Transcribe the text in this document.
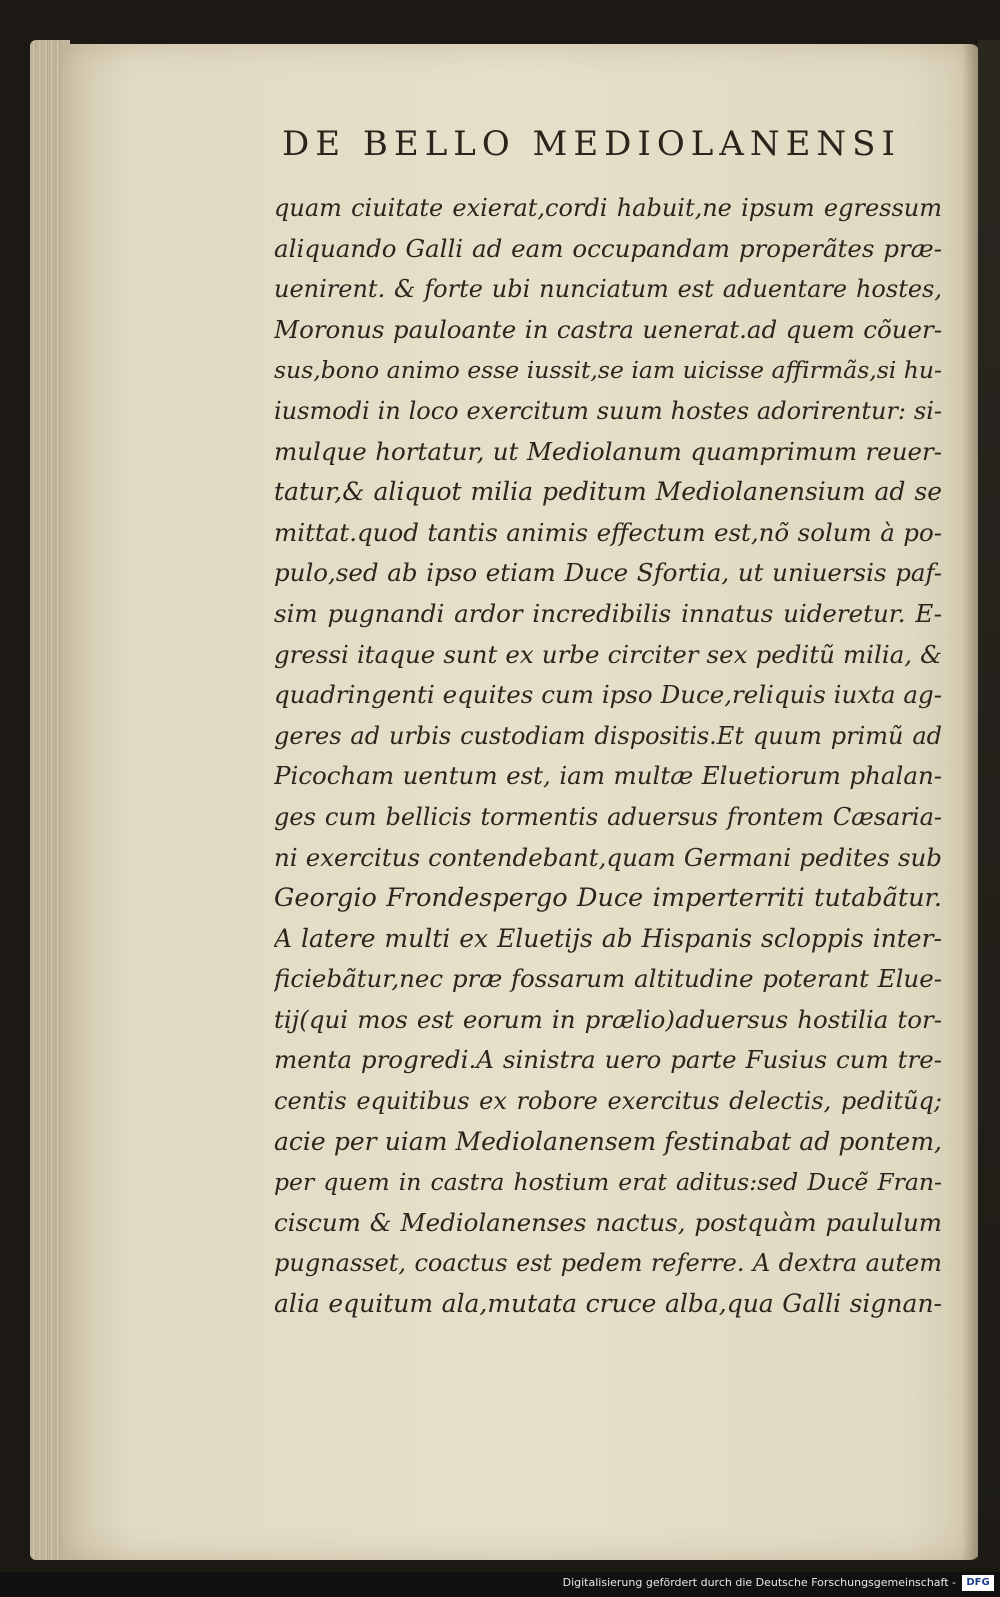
DE BELLO MEDIOLANENSI
quam ciuitate exierat,cordi habuit,ne ipsum egressum
aliquando Galli ad eam occupandam properãtes præ-
uenirent. & forte ubi nunciatum est aduentare hostes,
Moronus pauloante in castra uenerat.ad quem cõuer-
sus,bono animo esse iussit,se iam uicisse affirmãs,si hu-
iusmodi in loco exercitum suum hostes adorirentur: si-
mulque hortatur, ut Mediolanum quamprimum reuer-
tatur,& aliquot milia peditum Mediolanensium ad se
mittat.quod tantis animis effectum est,nõ solum à po-
pulo,sed ab ipso etiam Duce Sfortia, ut uniuersis paf-
sim pugnandi ardor incredibilis innatus uideretur. E-
gressi itaque sunt ex urbe circiter sex peditũ milia, &
quadringenti equites cum ipso Duce,reliquis iuxta ag-
geres ad urbis custodiam dispositis.Et quum primũ ad
Picocham uentum est, iam multæ Eluetiorum phalan-
ges cum bellicis tormentis aduersus frontem Cæsaria-
ni exercitus contendebant,quam Germani pedites sub
Georgio Frondespergo Duce imperterriti tutabãtur.
A latere multi ex Eluetijs ab Hispanis scloppis inter-
ficiebãtur,nec præ fossarum altitudine poterant Elue-
tij(qui mos est eorum in prælio)aduersus hostilia tor-
menta progredi.A sinistra uero parte Fusius cum tre-
centis equitibus ex robore exercitus delectis, peditũq;
acie per uiam Mediolanensem festinabat ad pontem,
per quem in castra hostium erat aditus:sed Ducẽ Fran-
ciscum & Mediolanenses nactus, postquàm paululum
pugnasset, coactus est pedem referre. A dextra autem
alia equitum ala,mutata cruce alba,qua Galli signan-
Digitalisierung gefördert durch die Deutsche Forschungsgemeinschaft -	DFG
